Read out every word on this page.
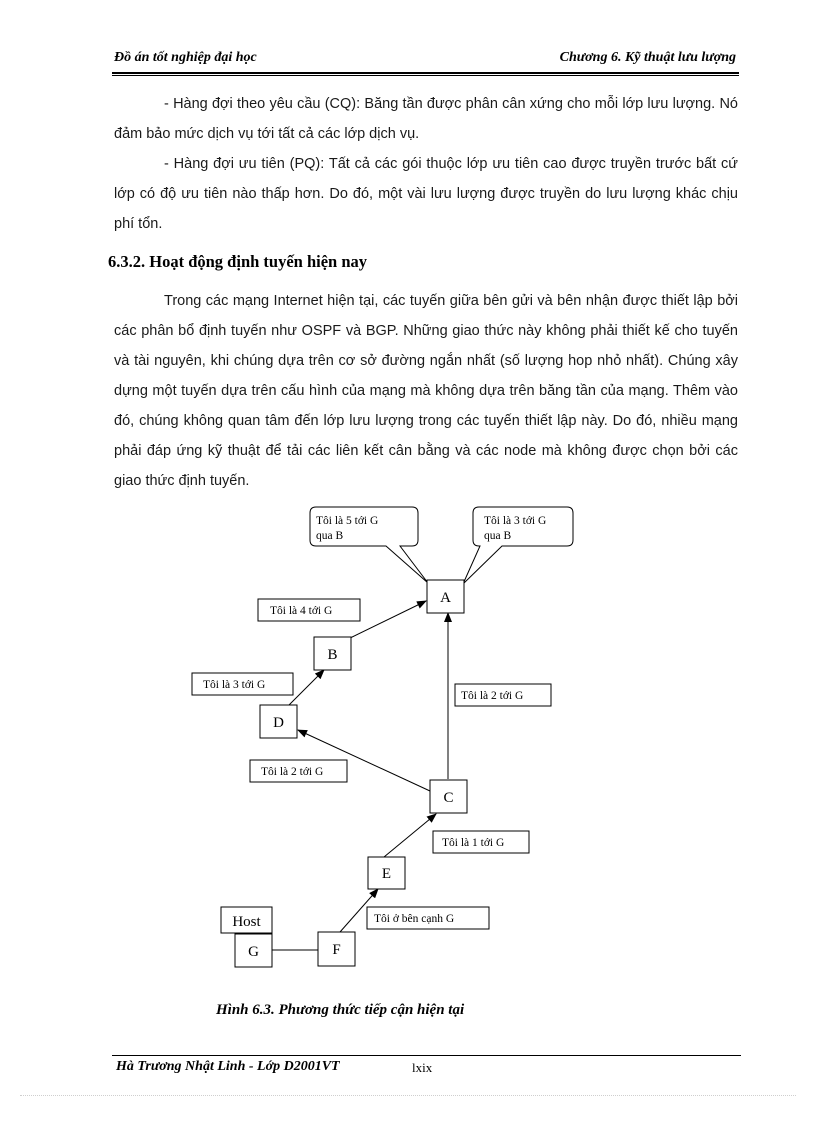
Đồ án tốt nghiệp đại học	Chương 6. Kỹ thuật lưu lượng

- Hàng đợi theo yêu cầu (CQ): Băng tần được phân cân xứng cho mỗi lớp lưu lượng. Nó đảm bảo mức dịch vụ tới tất cả các lớp dịch vụ.

- Hàng đợi ưu tiên (PQ): Tất cả các gói thuộc lớp ưu tiên cao được truyền trước bất cứ lớp có độ ưu tiên nào thấp hơn. Do đó, một vài lưu lượng được truyền do lưu lượng khác chịu phí tổn.

6.3.2. Hoạt động định tuyến hiện nay

Trong các mạng Internet hiện tại, các tuyến giữa bên gửi và bên nhận được thiết lập bởi các phân bổ định tuyến như OSPF và BGP. Những giao thức này không phải thiết kế cho tuyến và tài nguyên, khi chúng dựa trên cơ sở đường ngắn nhất (số lượng hop nhỏ nhất). Chúng xây dựng một tuyến dựa trên cấu hình của mạng mà không dựa trên băng tần của mạng. Thêm vào đó, chúng không quan tâm đến lớp lưu lượng trong các tuyến thiết lập này. Do đó, nhiều mạng phải đáp ứng kỹ thuật để tải các liên kết cân bằng và các node mà không được chọn bởi các giao thức định tuyến.

Tôi là 5 tới G
qua B
Tôi là 3 tới G
qua B
A
B
D
C
E
Host
G	F
Tôi là 4 tới G
Tôi là 3 tới G
Tôi là 2 tới G
Tôi là 2 tới G
Tôi là 1 tới G
Tôi ở bên cạnh G

Hình 6.3. Phương thức tiếp cận hiện tại

Hà Trương Nhật Linh - Lớp D2001VT	lxix
